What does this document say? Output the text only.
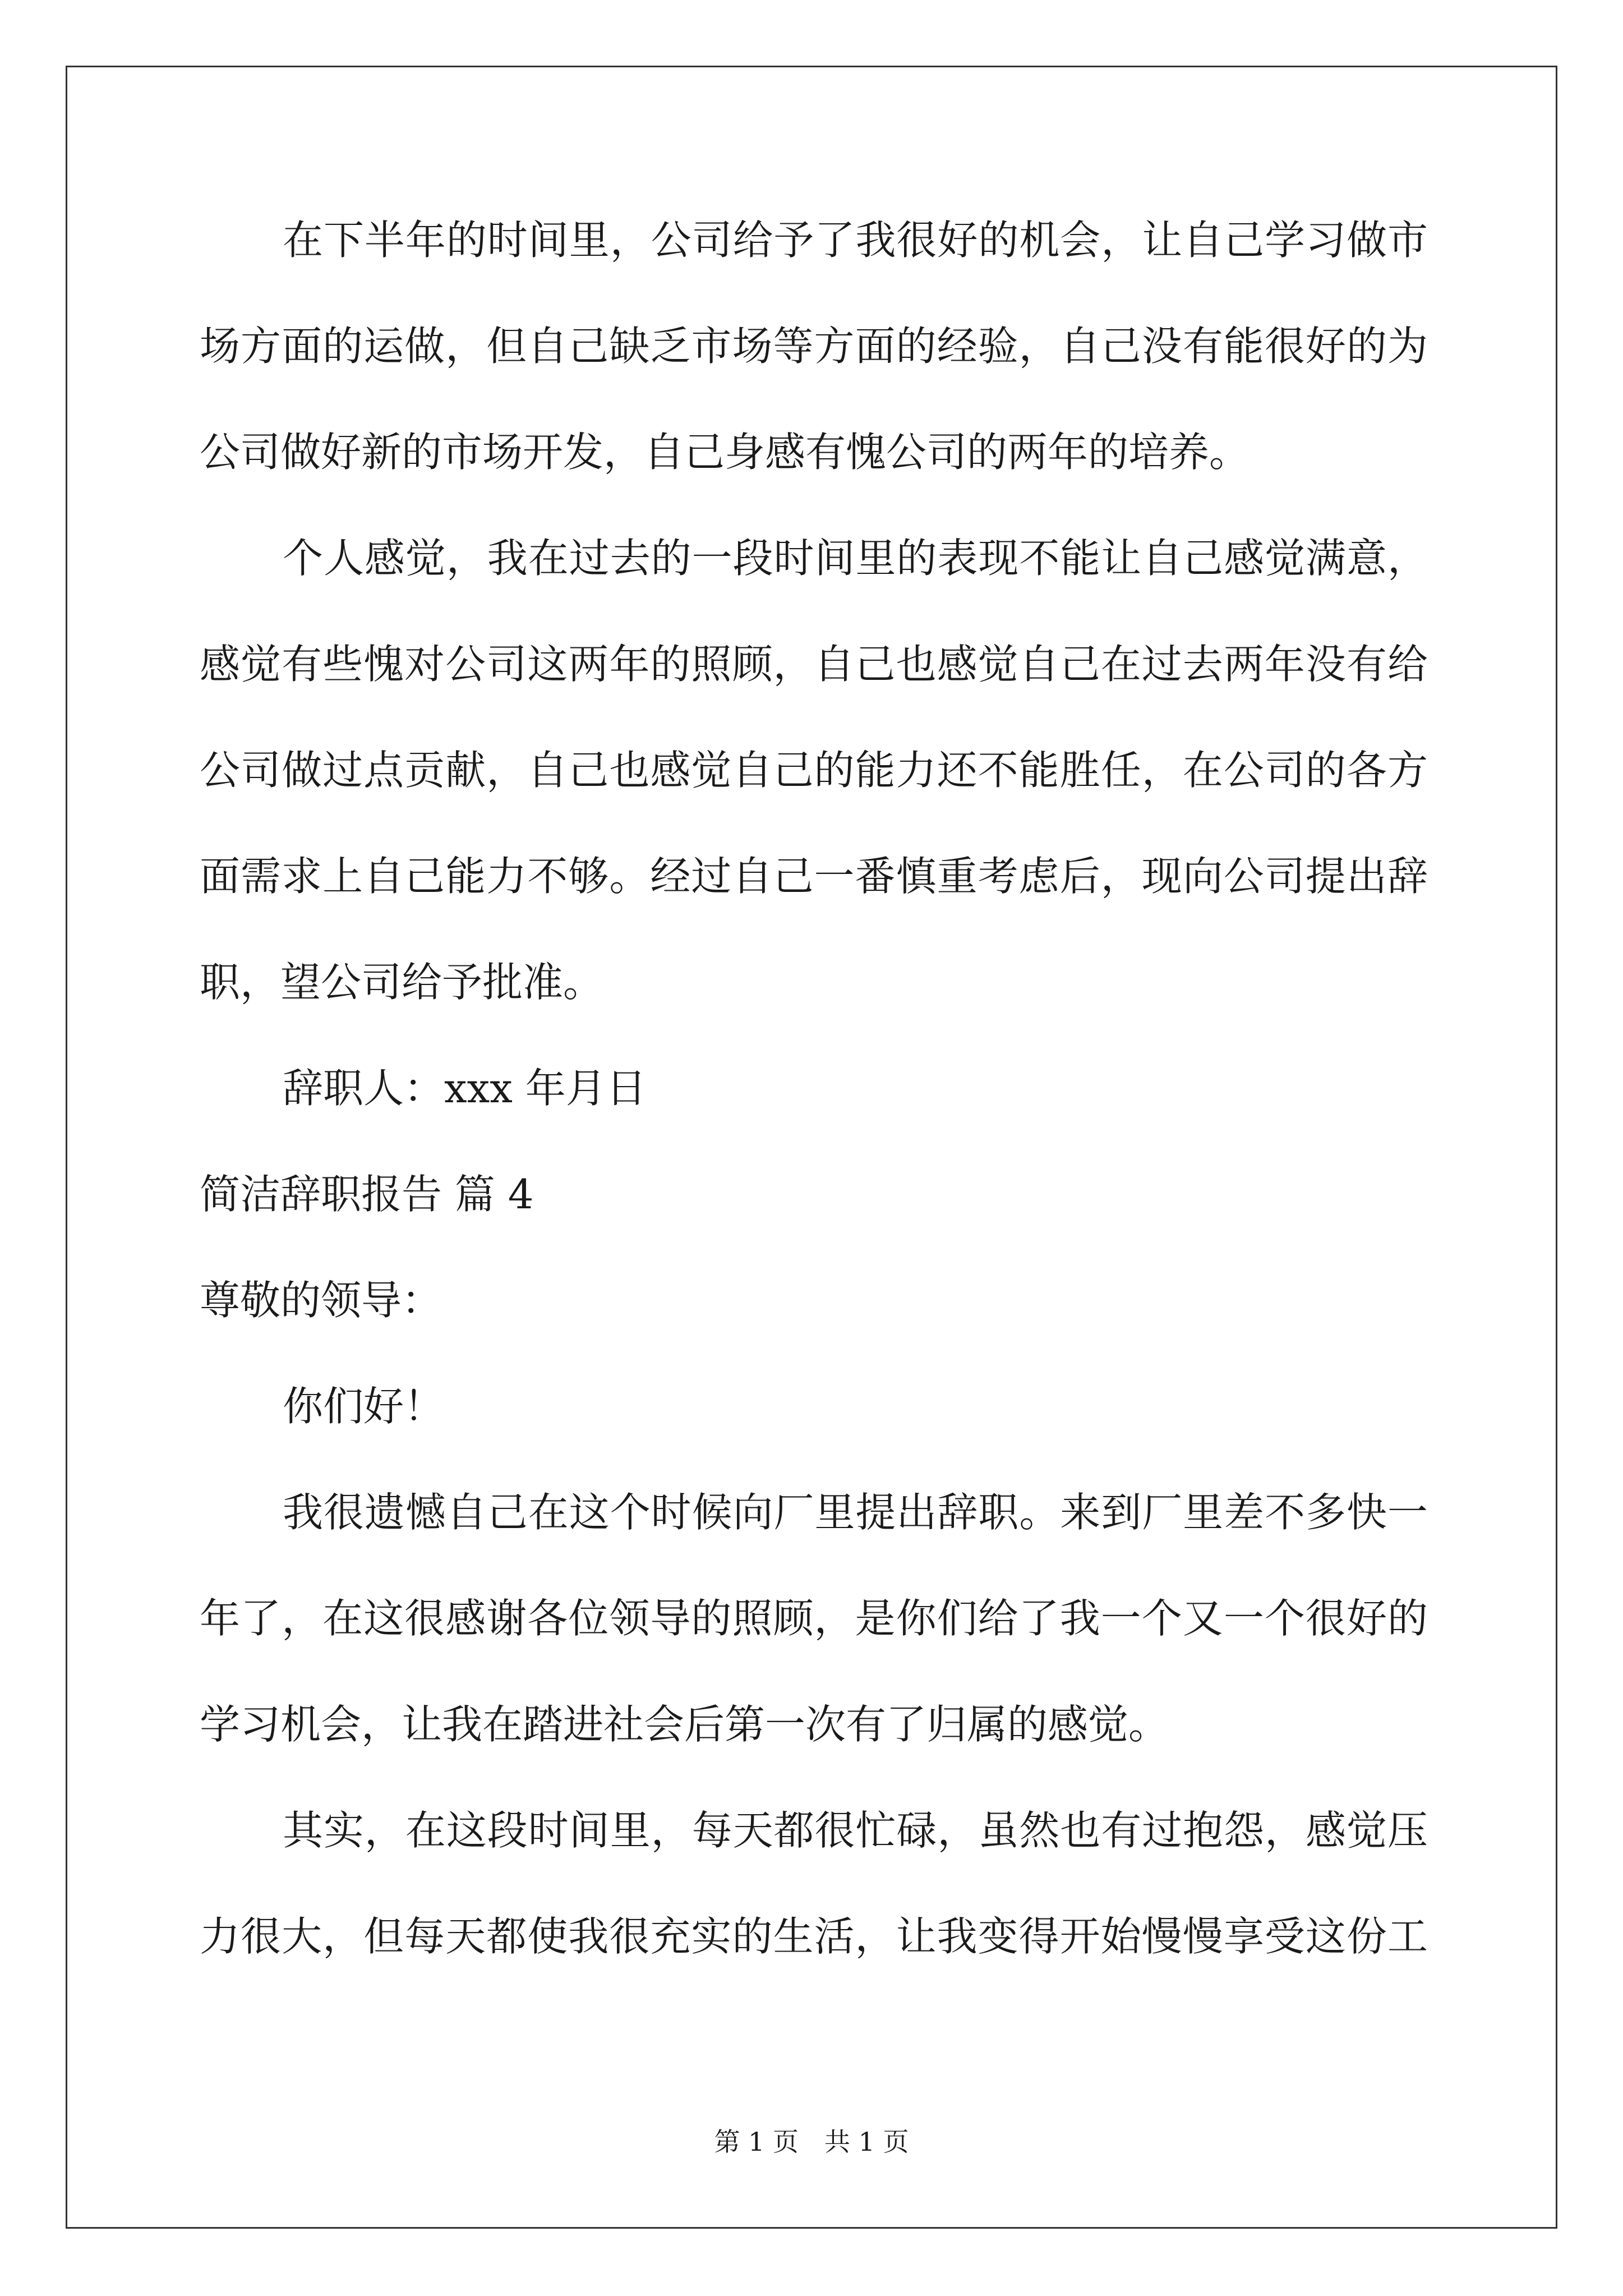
在下半年的时间里，公司给予了我很好的机会，让自己学习做市
场方面的运做，但自己缺乏市场等方面的经验，自己没有能很好的为
公司做好新的市场开发，自己身感有愧公司的两年的培养。
个人感觉，我在过去的一段时间里的表现不能让自己感觉满意，
感觉有些愧对公司这两年的照顾，自己也感觉自己在过去两年没有给
公司做过点贡献，自己也感觉自己的能力还不能胜任，在公司的各方
面需求上自己能力不够。经过自己一番慎重考虑后，现向公司提出辞
职，望公司给予批准。
辞职人：xxx 年月日
简洁辞职报告 篇 4
尊敬的领导：
你们好！
我很遗憾自己在这个时候向厂里提出辞职。来到厂里差不多快一
年了，在这很感谢各位领导的照顾，是你们给了我一个又一个很好的
学习机会，让我在踏进社会后第一次有了归属的感觉。
其实，在这段时间里，每天都很忙碌，虽然也有过抱怨，感觉压
力很大，但每天都使我很充实的生活，让我变得开始慢慢享受这份工
第 1 页　共 1 页
